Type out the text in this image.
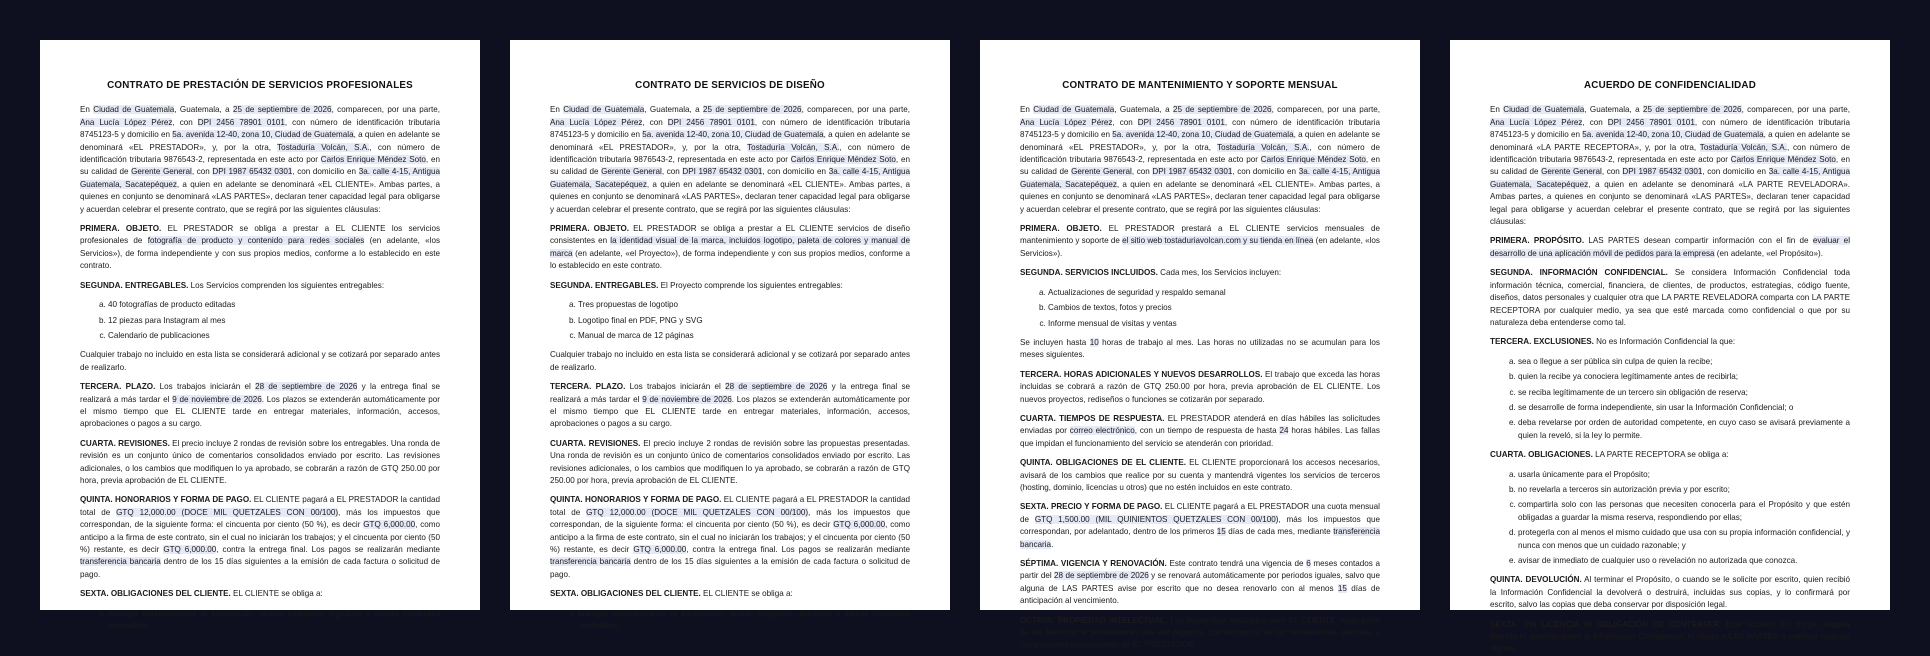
CONTRATO DE PRESTACIÓN DE SERVICIOS PROFESIONALES

En Ciudad de Guatemala, Guatemala, a 25 de septiembre de 2026, comparecen, por una parte, Ana Lucía López Pérez, con DPI 2456 78901 0101, con número de identificación tributaria 8745123-5 y domicilio en 5a. avenida 12-40, zona 10, Ciudad de Guatemala, a quien en adelante se denominará «EL PRESTADOR», y, por la otra, Tostaduría Volcán, S.A., con número de identificación tributaria 9876543-2, representada en este acto por Carlos Enrique Méndez Soto, en su calidad de Gerente General, con DPI 1987 65432 0301, con domicilio en 3a. calle 4-15, Antigua Guatemala, Sacatepéquez, a quien en adelante se denominará «EL CLIENTE». Ambas partes, a quienes en conjunto se denominará «LAS PARTES», declaran tener capacidad legal para obligarse y acuerdan celebrar el presente contrato, que se regirá por las siguientes cláusulas:

PRIMERA. OBJETO. EL PRESTADOR se obliga a prestar a EL CLIENTE los servicios profesionales de fotografía de producto y contenido para redes sociales (en adelante, «los Servicios»), de forma independiente y con sus propios medios, conforme a lo establecido en este contrato.

SEGUNDA. ENTREGABLES. Los Servicios comprenden los siguientes entregables:

a. 40 fotografías de producto editadas
b. 12 piezas para Instagram al mes
c. Calendario de publicaciones

Cualquier trabajo no incluido en esta lista se considerará adicional y se cotizará por separado antes de realizarlo.

TERCERA. PLAZO. Los trabajos iniciarán el 28 de septiembre de 2026 y la entrega final se realizará a más tardar el 9 de noviembre de 2026. Los plazos se extenderán automáticamente por el mismo tiempo que EL CLIENTE tarde en entregar materiales, información, accesos, aprobaciones o pagos a su cargo.

CUARTA. REVISIONES. El precio incluye 2 rondas de revisión sobre los entregables. Una ronda de revisión es un conjunto único de comentarios consolidados enviado por escrito. Las revisiones adicionales, o los cambios que modifiquen lo ya aprobado, se cobrarán a razón de GTQ 250.00 por hora, previa aprobación de EL CLIENTE.

QUINTA. HONORARIOS Y FORMA DE PAGO. EL CLIENTE pagará a EL PRESTADOR la cantidad total de GTQ 12,000.00 (DOCE MIL QUETZALES CON 00/100), más los impuestos que correspondan, de la siguiente forma: el cincuenta por ciento (50 %), es decir GTQ 6,000.00, como anticipo a la firma de este contrato, sin el cual no iniciarán los trabajos; y el cincuenta por ciento (50 %) restante, es decir GTQ 6,000.00, contra la entrega final. Los pagos se realizarán mediante transferencia bancaria dentro de los 15 días siguientes a la emisión de cada factura o solicitud de pago.

SEXTA. OBLIGACIONES DEL CLIENTE. EL CLIENTE se obliga a:

a. entregar oportunamente la información, textos, imágenes, logotipos y demás materiales necesarios;
CONTRATO DE SERVICIOS DE DISEÑO

En Ciudad de Guatemala, Guatemala, a 25 de septiembre de 2026, comparecen, por una parte, Ana Lucía López Pérez, con DPI 2456 78901 0101, con número de identificación tributaria 8745123-5 y domicilio en 5a. avenida 12-40, zona 10, Ciudad de Guatemala, a quien en adelante se denominará «EL PRESTADOR», y, por la otra, Tostaduría Volcán, S.A., con número de identificación tributaria 9876543-2, representada en este acto por Carlos Enrique Méndez Soto, en su calidad de Gerente General, con DPI 1987 65432 0301, con domicilio en 3a. calle 4-15, Antigua Guatemala, Sacatepéquez, a quien en adelante se denominará «EL CLIENTE». Ambas partes, a quienes en conjunto se denominará «LAS PARTES», declaran tener capacidad legal para obligarse y acuerdan celebrar el presente contrato, que se regirá por las siguientes cláusulas:

PRIMERA. OBJETO. EL PRESTADOR se obliga a prestar a EL CLIENTE servicios de diseño consistentes en la identidad visual de la marca, incluidos logotipo, paleta de colores y manual de marca (en adelante, «el Proyecto»), de forma independiente y con sus propios medios, conforme a lo establecido en este contrato.

SEGUNDA. ENTREGABLES. El Proyecto comprende los siguientes entregables:

a. Tres propuestas de logotipo
b. Logotipo final en PDF, PNG y SVG
c. Manual de marca de 12 páginas

Cualquier trabajo no incluido en esta lista se considerará adicional y se cotizará por separado antes de realizarlo.

TERCERA. PLAZO. Los trabajos iniciarán el 28 de septiembre de 2026 y la entrega final se realizará a más tardar el 9 de noviembre de 2026. Los plazos se extenderán automáticamente por el mismo tiempo que EL CLIENTE tarde en entregar materiales, información, accesos, aprobaciones o pagos a su cargo.

CUARTA. REVISIONES. El precio incluye 2 rondas de revisión sobre las propuestas presentadas. Una ronda de revisión es un conjunto único de comentarios consolidados enviado por escrito. Las revisiones adicionales, o los cambios que modifiquen lo ya aprobado, se cobrarán a razón de GTQ 250.00 por hora, previa aprobación de EL CLIENTE.

QUINTA. HONORARIOS Y FORMA DE PAGO. EL CLIENTE pagará a EL PRESTADOR la cantidad total de GTQ 12,000.00 (DOCE MIL QUETZALES CON 00/100), más los impuestos que correspondan, de la siguiente forma: el cincuenta por ciento (50 %), es decir GTQ 6,000.00, como anticipo a la firma de este contrato, sin el cual no iniciarán los trabajos; y el cincuenta por ciento (50 %) restante, es decir GTQ 6,000.00, contra la entrega final. Los pagos se realizarán mediante transferencia bancaria dentro de los 15 días siguientes a la emisión de cada factura o solicitud de pago.

SEXTA. OBLIGACIONES DEL CLIENTE. EL CLIENTE se obliga a:

a. entregar oportunamente la información, textos, imágenes, logotipos y demás materiales necesarios;
CONTRATO DE MANTENIMIENTO Y SOPORTE MENSUAL

En Ciudad de Guatemala, Guatemala, a 25 de septiembre de 2026, comparecen, por una parte, Ana Lucía López Pérez, con DPI 2456 78901 0101, con número de identificación tributaria 8745123-5 y domicilio en 5a. avenida 12-40, zona 10, Ciudad de Guatemala, a quien en adelante se denominará «EL PRESTADOR», y, por la otra, Tostaduría Volcán, S.A., con número de identificación tributaria 9876543-2, representada en este acto por Carlos Enrique Méndez Soto, en su calidad de Gerente General, con DPI 1987 65432 0301, con domicilio en 3a. calle 4-15, Antigua Guatemala, Sacatepéquez, a quien en adelante se denominará «EL CLIENTE». Ambas partes, a quienes en conjunto se denominará «LAS PARTES», declaran tener capacidad legal para obligarse y acuerdan celebrar el presente contrato, que se regirá por las siguientes cláusulas:

PRIMERA. OBJETO. EL PRESTADOR prestará a EL CLIENTE servicios mensuales de mantenimiento y soporte de el sitio web tostaduriavolcan.com y su tienda en línea (en adelante, «los Servicios»).

SEGUNDA. SERVICIOS INCLUIDOS. Cada mes, los Servicios incluyen:

a. Actualizaciones de seguridad y respaldo semanal
b. Cambios de textos, fotos y precios
c. Informe mensual de visitas y ventas

Se incluyen hasta 10 horas de trabajo al mes. Las horas no utilizadas no se acumulan para los meses siguientes.

TERCERA. HORAS ADICIONALES Y NUEVOS DESARROLLOS. El trabajo que exceda las horas incluidas se cobrará a razón de GTQ 250.00 por hora, previa aprobación de EL CLIENTE. Los nuevos proyectos, rediseños o funciones se cotizarán por separado.

CUARTA. TIEMPOS DE RESPUESTA. EL PRESTADOR atenderá en días hábiles las solicitudes enviadas por correo electrónico, con un tiempo de respuesta de hasta 24 horas hábiles. Las fallas que impidan el funcionamiento del servicio se atenderán con prioridad.

QUINTA. OBLIGACIONES DE EL CLIENTE. EL CLIENTE proporcionará los accesos necesarios, avisará de los cambios que realice por su cuenta y mantendrá vigentes los servicios de terceros (hosting, dominio, licencias u otros) que no estén incluidos en este contrato.

SEXTA. PRECIO Y FORMA DE PAGO. EL CLIENTE pagará a EL PRESTADOR una cuota mensual de GTQ 1,500.00 (MIL QUINIENTOS QUETZALES CON 00/100), más los impuestos que correspondan, por adelantado, dentro de los primeros 15 días de cada mes, mediante transferencia bancaria.

SÉPTIMA. VIGENCIA Y RENOVACIÓN. Este contrato tendrá una vigencia de 6 meses contados a partir del 28 de septiembre de 2026 y se renovará automáticamente por periodos iguales, salvo que alguna de LAS PARTES avise por escrito que no desea renovarlo con al menos 15 días de anticipación al vencimiento.

OCTAVA. PROPIEDAD INTELECTUAL. Los desarrollos realizados para EL CLIENTE como parte de los Servicios le pertenecerán una vez pagados, con excepción de las herramientas, plantillas y componentes preexistentes de EL PRESTADOR.

ACUERDO DE CONFIDENCIALIDAD

En Ciudad de Guatemala, Guatemala, a 25 de septiembre de 2026, comparecen, por una parte, Ana Lucía López Pérez, con DPI 2456 78901 0101, con número de identificación tributaria 8745123-5 y domicilio en 5a. avenida 12-40, zona 10, Ciudad de Guatemala, a quien en adelante se denominará «LA PARTE RECEPTORA», y, por la otra, Tostaduría Volcán, S.A., con número de identificación tributaria 9876543-2, representada en este acto por Carlos Enrique Méndez Soto, en su calidad de Gerente General, con DPI 1987 65432 0301, con domicilio en 3a. calle 4-15, Antigua Guatemala, Sacatepéquez, a quien en adelante se denominará «LA PARTE REVELADORA». Ambas partes, a quienes en conjunto se denominará «LAS PARTES», declaran tener capacidad legal para obligarse y acuerdan celebrar el presente contrato, que se regirá por las siguientes cláusulas:

PRIMERA. PROPÓSITO. LAS PARTES desean compartir información con el fin de evaluar el desarrollo de una aplicación móvil de pedidos para la empresa (en adelante, «el Propósito»).

SEGUNDA. INFORMACIÓN CONFIDENCIAL. Se considera Información Confidencial toda información técnica, comercial, financiera, de clientes, de productos, estrategias, código fuente, diseños, datos personales y cualquier otra que LA PARTE REVELADORA comparta con LA PARTE RECEPTORA por cualquier medio, ya sea que esté marcada como confidencial o que por su naturaleza deba entenderse como tal.

TERCERA. EXCLUSIONES. No es Información Confidencial la que:

a. sea o llegue a ser pública sin culpa de quien la recibe;
b. quien la recibe ya conociera legítimamente antes de recibirla;
c. se reciba legítimamente de un tercero sin obligación de reserva;
d. se desarrolle de forma independiente, sin usar la Información Confidencial; o
e. deba revelarse por orden de autoridad competente, en cuyo caso se avisará previamente a quien la reveló, si la ley lo permite.

CUARTA. OBLIGACIONES. LA PARTE RECEPTORA se obliga a:

a. usarla únicamente para el Propósito;
b. no revelarla a terceros sin autorización previa y por escrito;
c. compartirla solo con las personas que necesiten conocerla para el Propósito y que estén obligadas a guardar la misma reserva, respondiendo por ellas;
d. protegerla con al menos el mismo cuidado que usa con su propia información confidencial, y nunca con menos que un cuidado razonable; y
e. avisar de inmediato de cualquier uso o revelación no autorizada que conozca.

QUINTA. DEVOLUCIÓN. Al terminar el Propósito, o cuando se le solicite por escrito, quien recibió la Información Confidencial la devolverá o destruirá, incluidas sus copias, y lo confirmará por escrito, salvo las copias que deba conservar por disposición legal.

SEXTA. SIN LICENCIA NI OBLIGACIÓN DE CONTRATAR. Este acuerdo no otorga ninguna licencia ni derecho sobre la Información Confidencial, ni obliga a LAS PARTES a celebrar contrato alguno.
